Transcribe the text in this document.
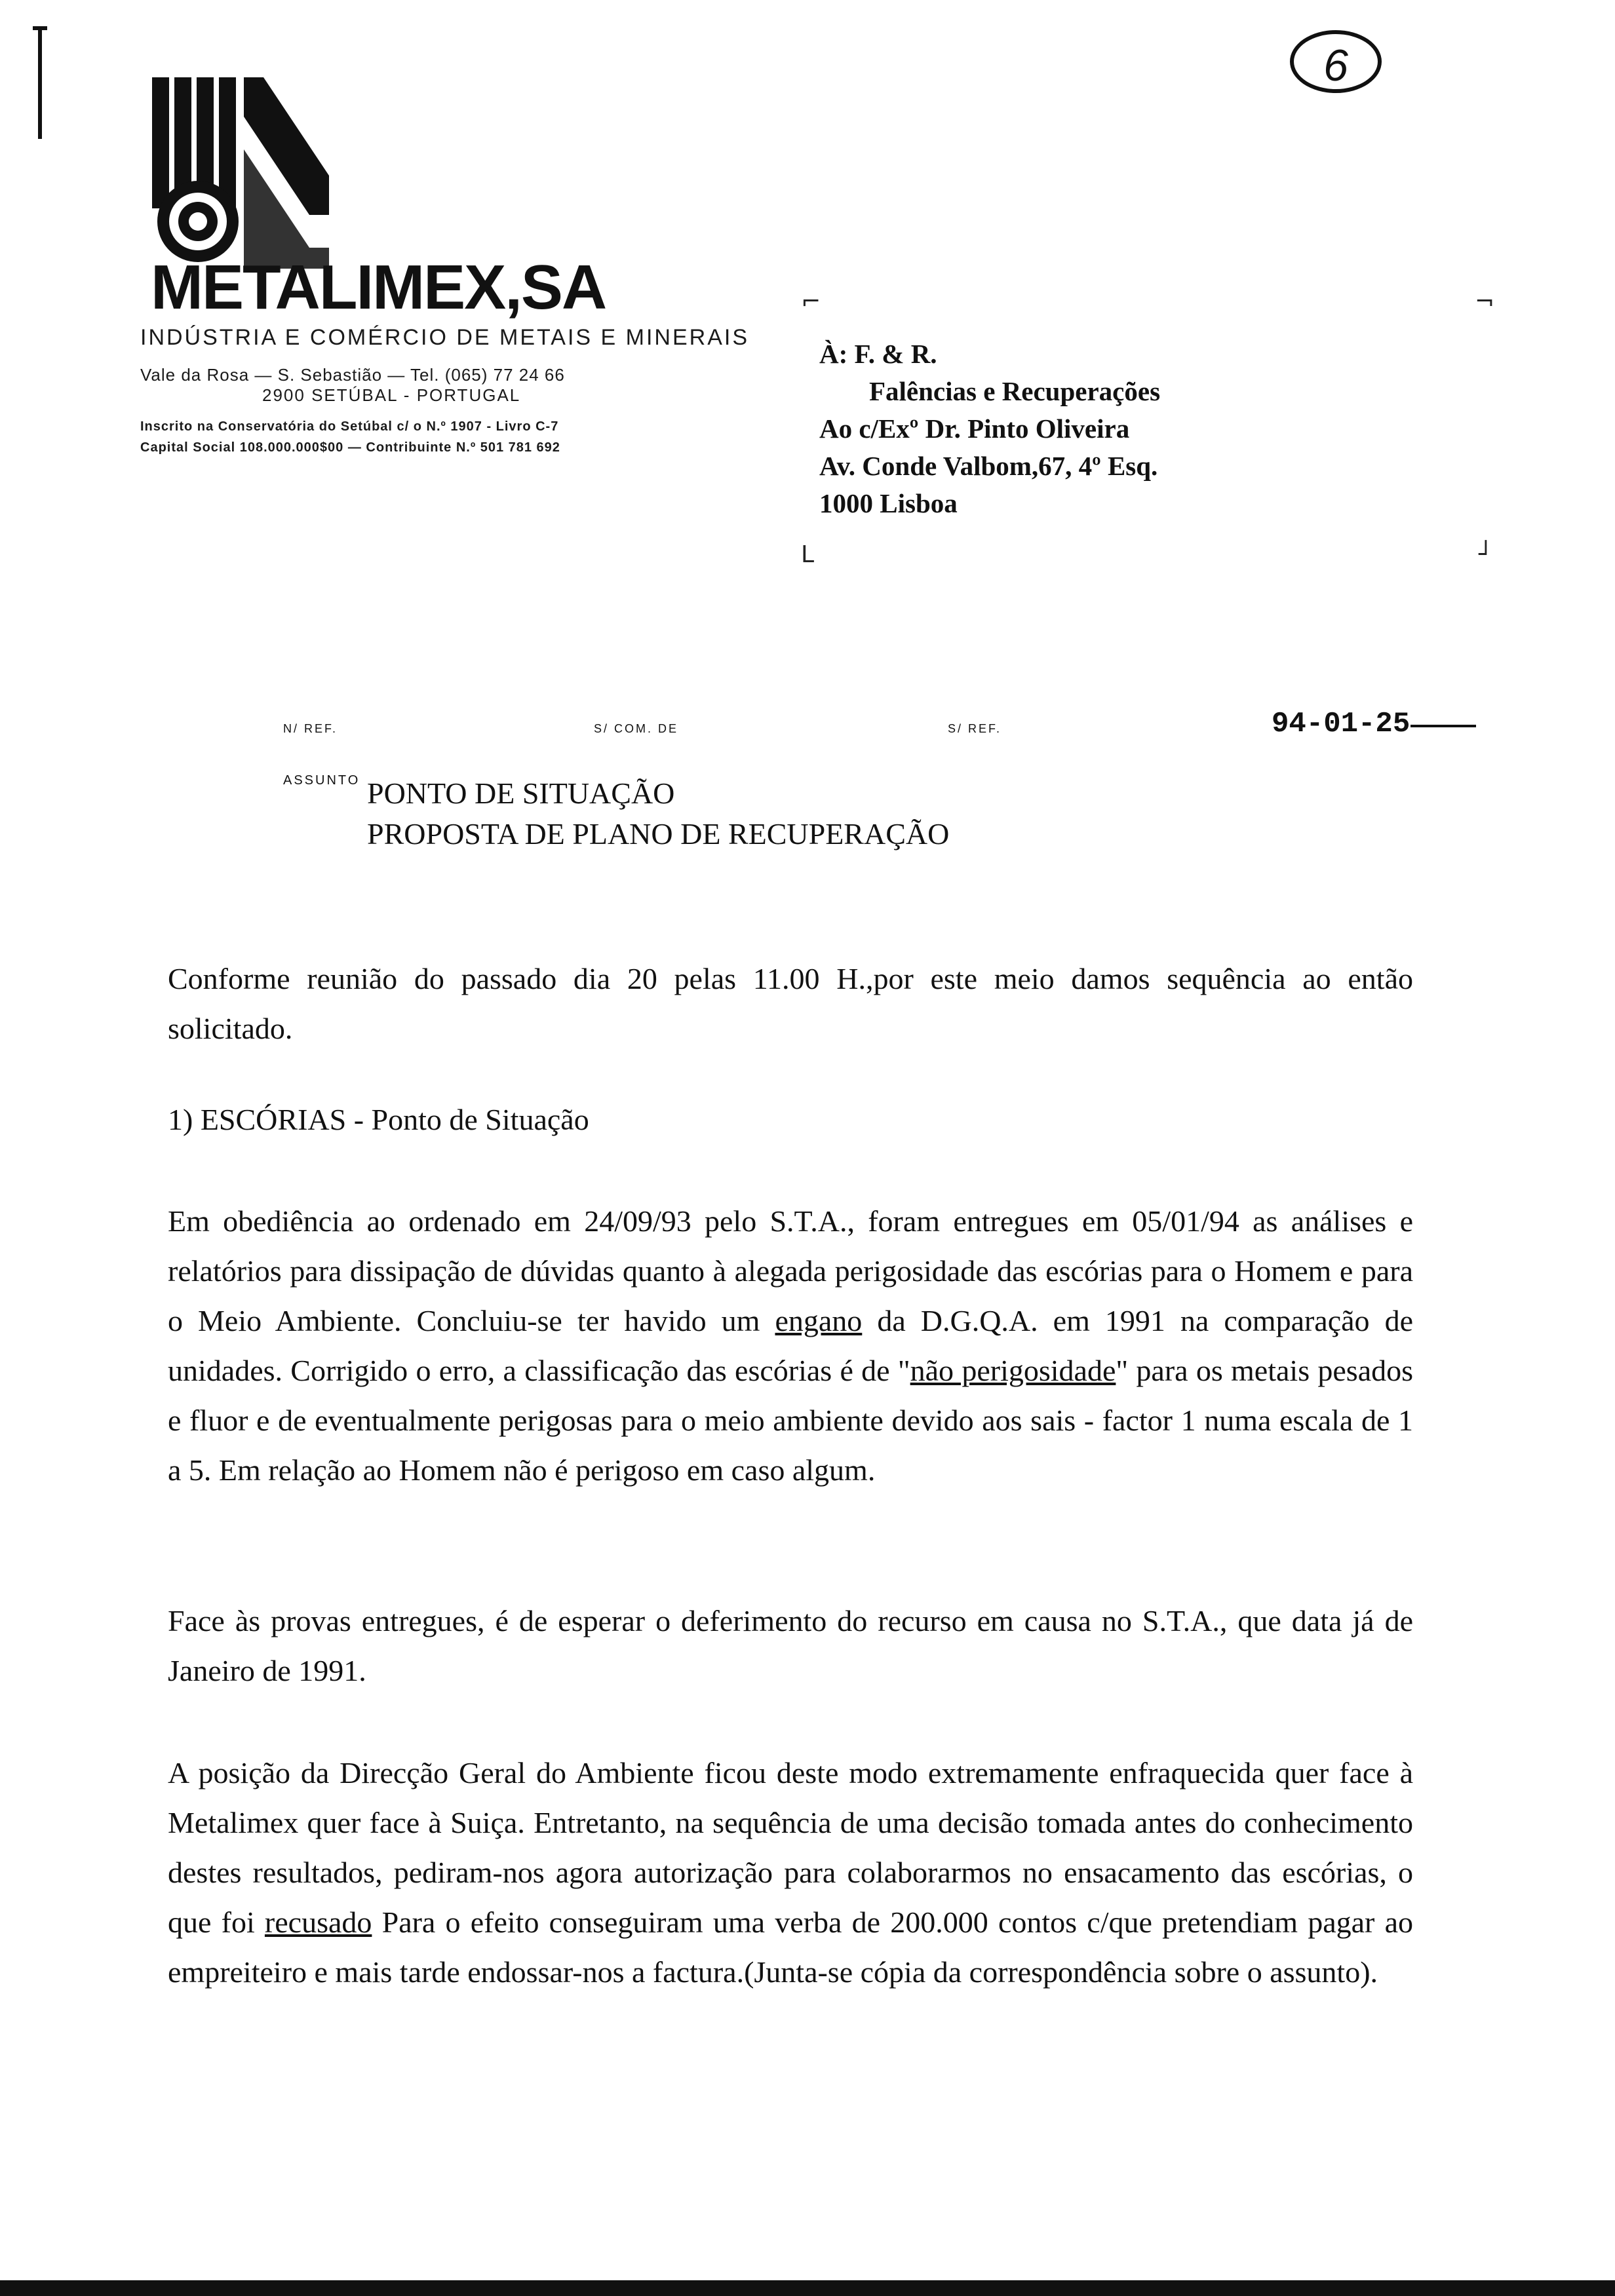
6
METALIMEX,SA
INDÚSTRIA E COMÉRCIO DE METAIS E MINERAIS
Vale da Rosa — S. Sebastião — Tel. (065) 77 24 66
2900 SETÚBAL - PORTUGAL
Inscrito na Conservatória do Setúbal c/ o N.º 1907 - Livro C-7
Capital Social 108.000.000$00 — Contribuinte N.º 501 781 692
⌐	¬
L	┘
À: F. & R.
Falências e Recuperações
Ao c/Exº Dr. Pinto Oliveira
Av. Conde Valbom,67, 4º Esq.
1000 Lisboa
N/ REF.	S/ COM. DE	S/ REF.	94-01-25
ASSUNTO PONTO DE SITUAÇÃO
PROPOSTA DE PLANO DE RECUPERAÇÃO
Conforme reunião do passado dia 20 pelas 11.00 H.,por este meio damos sequência ao então solicitado.
1) ESCÓRIAS - Ponto de Situação
Em obediência ao ordenado em 24/09/93 pelo S.T.A., foram entregues em 05/01/94 as análises e relatórios para dissipação de dúvidas quanto à alegada perigosidade das escórias para o Homem e para o Meio Ambiente. Concluiu-se ter havido um engano da D.G.Q.A. em 1991 na comparação de unidades. Corrigido o erro, a classificação das escórias é de "não perigosidade" para os metais pesados e fluor e de eventualmente perigosas para o meio ambiente devido aos sais - factor 1 numa escala de 1 a 5. Em relação ao Homem não é perigoso em caso algum.
Face às provas entregues, é de esperar o deferimento do recurso em causa no S.T.A., que data já de Janeiro de 1991.
A posição da Direcção Geral do Ambiente ficou deste modo extremamente enfraquecida quer face à Metalimex quer face à Suiça. Entretanto, na sequência de uma decisão tomada antes do conhecimento destes resultados, pediram-nos agora autorização para colaborarmos no ensacamento das escórias, o que foi recusado Para o efeito conseguiram uma verba de 200.000 contos c/que pretendiam pagar ao empreiteiro e mais tarde endossar-nos a factura.(Junta-se cópia da correspondência sobre o assunto).
